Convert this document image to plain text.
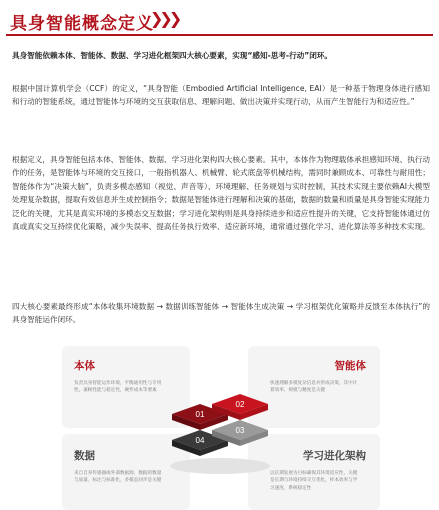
具身智能概念定义
❯❯❯
具身智能依赖本体、智能体、数据、学习进化框架四大核心要素，实现“感知-思考-行动”闭环。
根据中国计算机学会（CCF）的定义，“具身智能（Embodied Artificial Intelligence, EAI）是一种基于物理身体进行感知和行动的智能系统，通过智能体与环境的交互获取信息、理解问题、做出决策并实现行动，从而产生智能行为和适应性。”
根据定义，具身智能包括本体、智能体、数据、学习进化架构四大核心要素。其中，本体作为物理载体承担感知环境、执行动作的任务，是智能体与环境的交互接口，一般指机器人、机械臂、轮式底盘等机械结构，需同时兼顾成本、可靠性与耐用性；智能体作为“决策大脑”，负责多模态感知（视觉、声音等）、环境理解、任务规划与实时控制，其技术实现主要依赖AI大模型处理复杂数据，提取有效信息并生成控制指令；数据是智能体进行理解和决策的基础，数据的数量和质量是具身智能实现能力泛化的关键，尤其是真实环境的多模态交互数据；学习进化架构则是具身持续进步和适应性提升的关键，它支持智能体通过仿真或真实交互持续优化策略，减少失误率、提高任务执行效率、适应新环境，通常通过强化学习、进化算法等多种技术实现。
四大核心要素最终形成“本体收集环境数据 → 数据训练智能体 → 智能体生成决策 → 学习框架优化策略并反馈至本体执行”的具身智能运作闭环。
本体
负责具身智能运作环境，平衡通用性与专用性，兼顾性能与稳定性，硬件成本等要素
智能体
快速理解多模复杂信息并形成决策，其中计算效率、规模与精度是关键
数据
来自自身传感器或外部数据源，数据的数量与质量，标注与标准化，多模态同步是关键
学习进化架构
以长期发展为目标确保其环境适应性，关键是长期与环境持续交互优化，样本效率与学习速度，系统稳定性
04
03
01
02
